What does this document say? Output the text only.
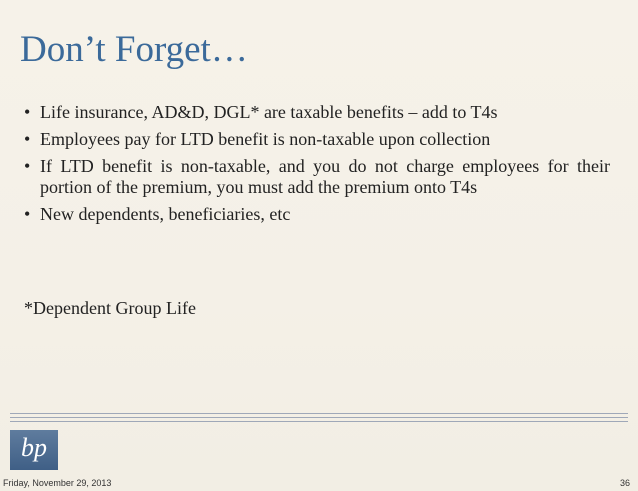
Don’t Forget…
• Life insurance, AD&D, DGL* are taxable benefits – add to T4s
• Employees pay for LTD benefit is non-taxable upon collection
• If LTD benefit is non-taxable, and you do not charge employees for their portion of the premium, you must add the premium onto T4s
• New dependents, beneficiaries, etc

*Dependent Group Life

bp
Friday, November 29, 2013	36
